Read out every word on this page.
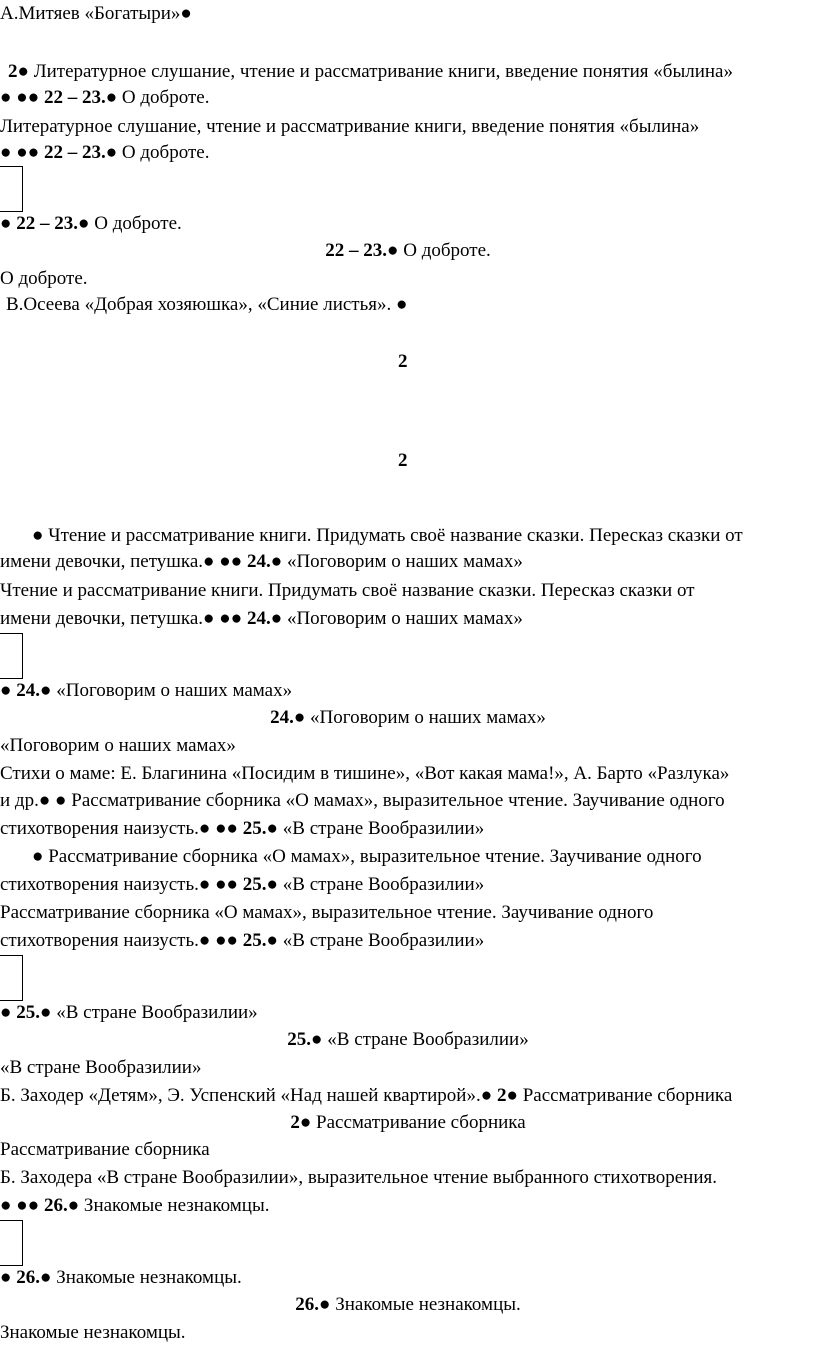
А.Митяев «Богатыри»●
2● Литературное слушание, чтение и рассматривание книги, введение понятия «былина»
● ●● 22 – 23.● О доброте.
Литературное слушание, чтение и рассматривание книги, введение понятия «былина»
● ●● 22 – 23.● О доброте.
● 22 – 23.● О доброте.
22 – 23.● О доброте.
О доброте.
В.Осеева «Добрая хозяюшка», «Синие листья». ●
2
2
● Чтение и рассматривание книги. Придумать своё название сказки. Пересказ сказки от
имени девочки, петушка.● ●● 24.● «Поговорим о наших мамах»
Чтение и рассматривание книги. Придумать своё название сказки. Пересказ сказки от
имени девочки, петушка.● ●● 24.● «Поговорим о наших мамах»
● 24.● «Поговорим о наших мамах»
24.● «Поговорим о наших мамах»
«Поговорим о наших мамах»
Стихи о маме: Е. Благинина «Посидим в тишине», «Вот какая мама!», А. Барто «Разлука»
и др.● ● Рассматривание сборника «О мамах», выразительное чтение. Заучивание одного
стихотворения наизусть.● ●● 25.● «В стране Вообразилии»
● Рассматривание сборника «О мамах», выразительное чтение. Заучивание одного
стихотворения наизусть.● ●● 25.● «В стране Вообразилии»
Рассматривание сборника «О мамах», выразительное чтение. Заучивание одного
стихотворения наизусть.● ●● 25.● «В стране Вообразилии»
● 25.● «В стране Вообразилии»
25.● «В стране Вообразилии»
«В стране Вообразилии»
Б. Заходер «Детям», Э. Успенский «Над нашей квартирой».● 2● Рассматривание сборника
2● Рассматривание сборника
Рассматривание сборника
Б. Заходера «В стране Вообразилии», выразительное чтение выбранного стихотворения.
● ●● 26.● Знакомые незнакомцы.
● 26.● Знакомые незнакомцы.
26.● Знакомые незнакомцы.
Знакомые незнакомцы.
